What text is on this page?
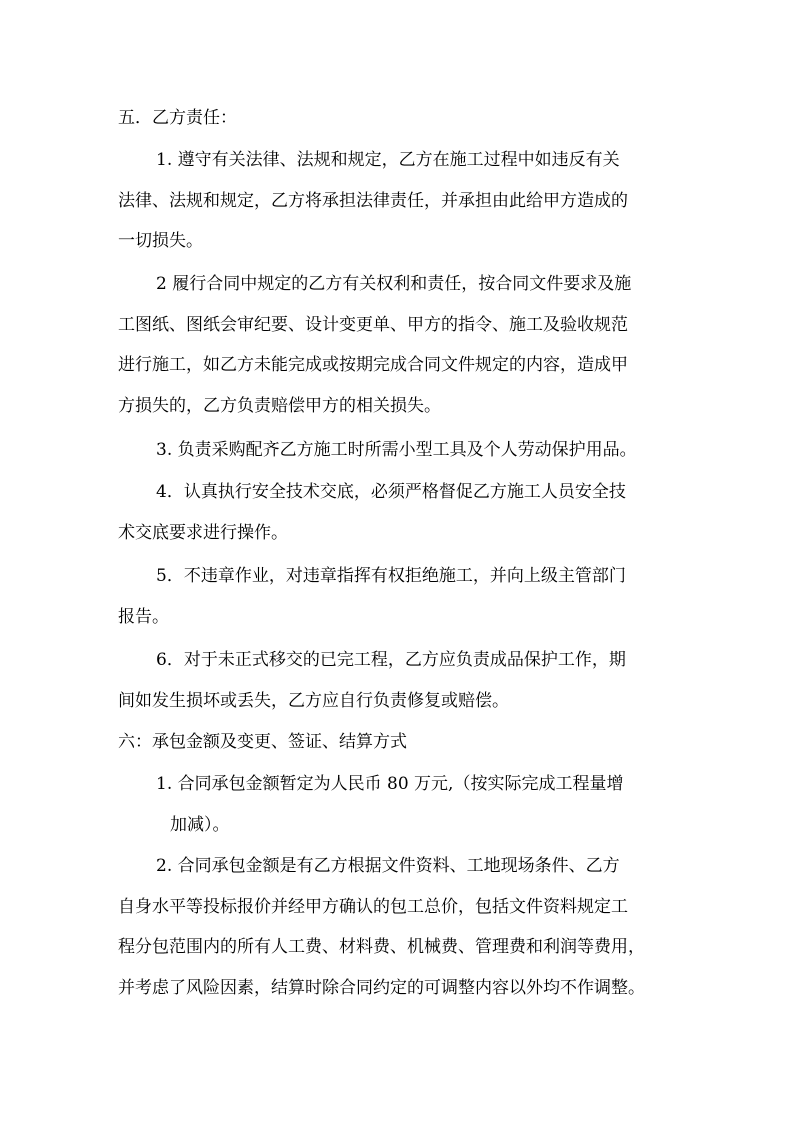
五．乙方责任：

1. 遵守有关法律、法规和规定，乙方在施工过程中如违反有关
法律、法规和规定，乙方将承担法律责任，并承担由此给甲方造成的
一切损失。

2 履行合同中规定的乙方有关权利和责任，按合同文件要求及施
工图纸、图纸会审纪要、设计变更单、甲方的指令、施工及验收规范
进行施工，如乙方未能完成或按期完成合同文件规定的内容，造成甲
方损失的，乙方负责赔偿甲方的相关损失。

3. 负责采购配齐乙方施工时所需小型工具及个人劳动保护用品。

4．认真执行安全技术交底，必须严格督促乙方施工人员安全技
术交底要求进行操作。

5．不违章作业，对违章指挥有权拒绝施工，并向上级主管部门
报告。

6．对于未正式移交的已完工程，乙方应负责成品保护工作，期
间如发生损坏或丢失，乙方应自行负责修复或赔偿。

六：承包金额及变更、签证、结算方式

1. 合同承包金额暂定为人民币 80 万元,（按实际完成工程量增
加减）。

2. 合同承包金额是有乙方根据文件资料、工地现场条件、乙方
自身水平等投标报价并经甲方确认的包工总价，包括文件资料规定工
程分包范围内的所有人工费、材料费、机械费、管理费和利润等费用，
并考虑了风险因素，结算时除合同约定的可调整内容以外均不作调整。
